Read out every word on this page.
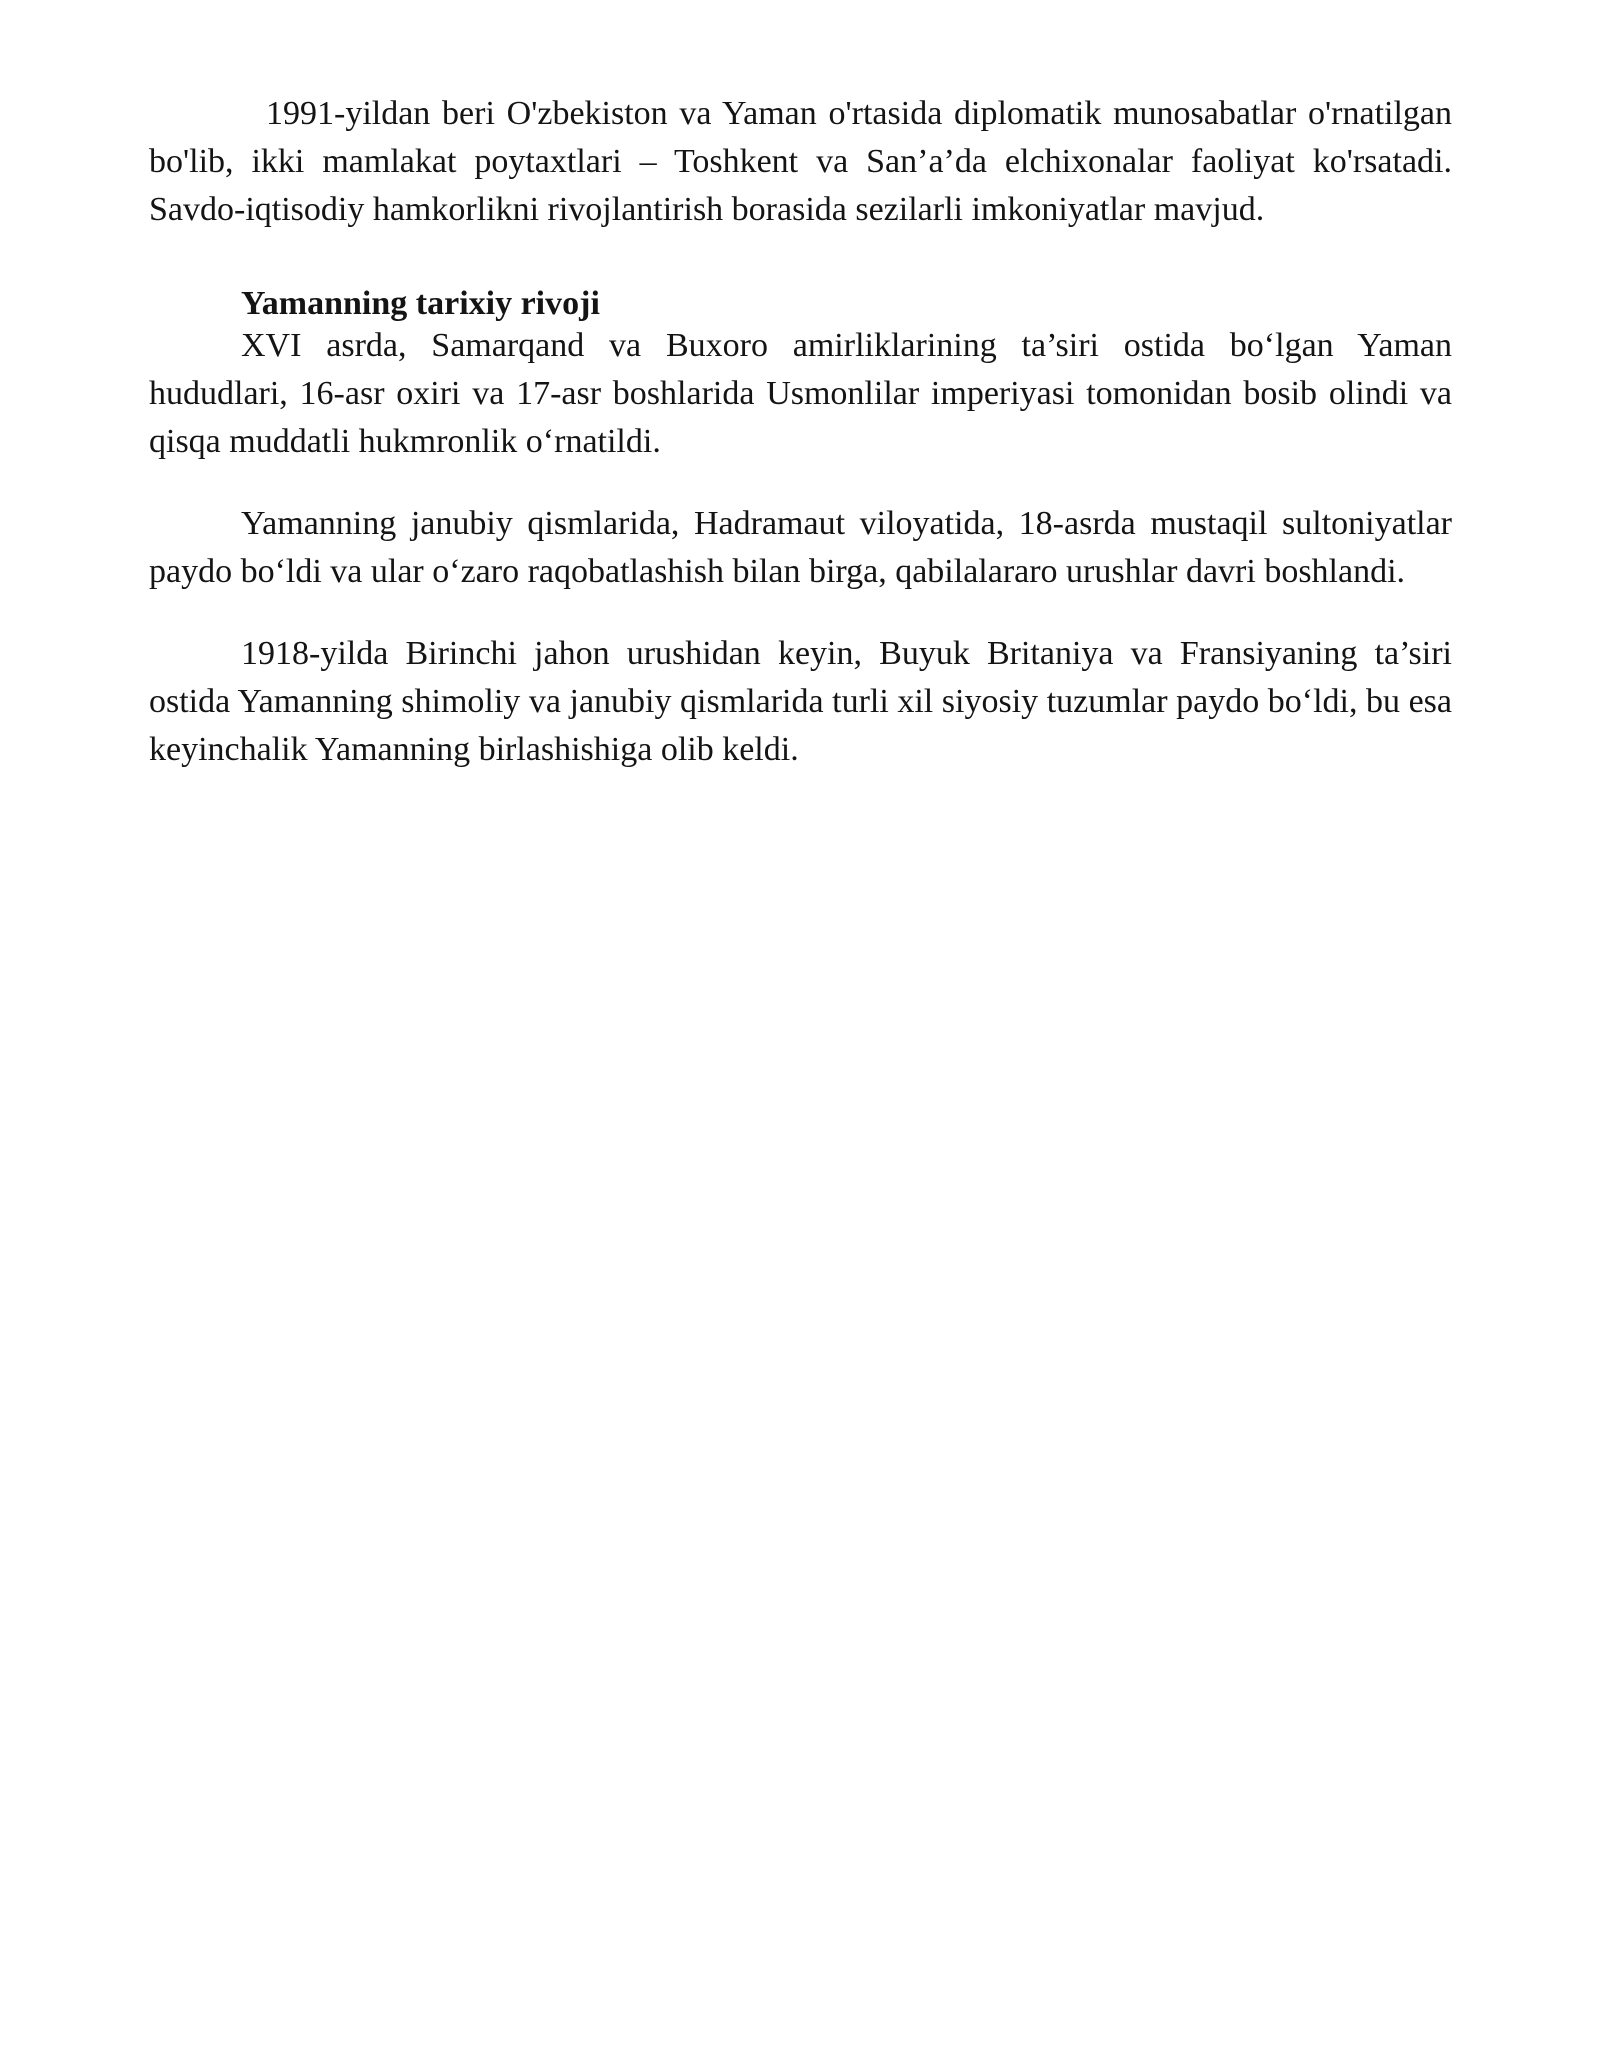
1991-yildan beri O'zbekiston va Yaman o'rtasida diplomatik munosabatlar o'rnatilgan bo'lib, ikki mamlakat poytaxtlari – Toshkent va San’a’da elchixonalar faoliyat ko'rsatadi. Savdo-iqtisodiy hamkorlikni rivojlantirish borasida sezilarli imkoniyatlar mavjud.

Yamanning tarixiy rivoji

XVI asrda, Samarqand va Buxoro amirliklarining ta’siri ostida bo‘lgan Yaman hududlari, 16-asr oxiri va 17-asr boshlarida Usmonlilar imperiyasi tomonidan bosib olindi va qisqa muddatli hukmronlik o‘rnatildi.

Yamanning janubiy qismlarida, Hadramaut viloyatida, 18-asrda mustaqil sultoniyatlar paydo bo‘ldi va ular o‘zaro raqobatlashish bilan birga, qabilalararo urushlar davri boshlandi.

1918-yilda Birinchi jahon urushidan keyin, Buyuk Britaniya va Fransiyaning ta’siri ostida Yamanning shimoliy va janubiy qismlarida turli xil siyosiy tuzumlar paydo bo‘ldi, bu esa keyinchalik Yamanning birlashishiga olib keldi.
